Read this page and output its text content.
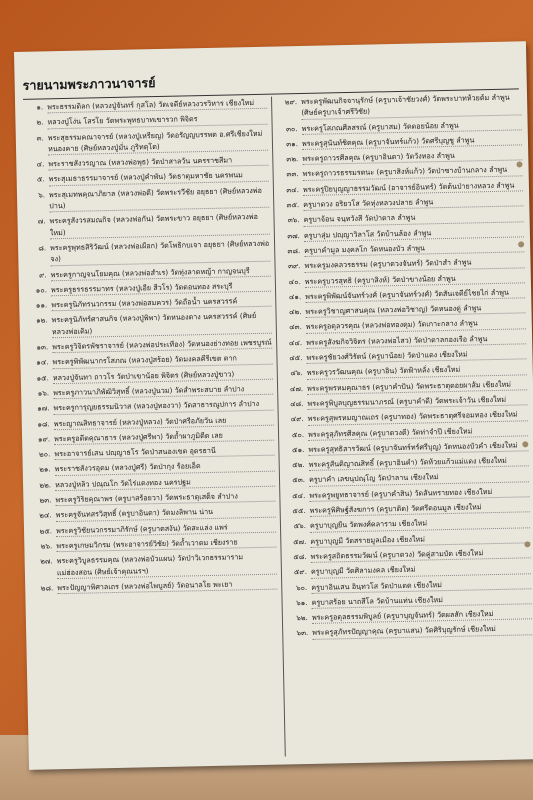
รายนามพระภาวนาจารย์
๑. พระธรรมดิลก (หลวงปู่จันทร์ กุสโล) วัดเจดีย์หลวงวรวิหาร เชียงใหม่
๒. หลวงปู่โง่น โสรโย วัดพระพุทธบาทเขารวก พิจิตร
๓. พระสุธรรมคณาจารย์ (หลวงปู่เหรียญ) วัดอรัญญบรรพต อ.ศรีเชียงใหม่ หนองคาย (ศิษย์หลวงปู่มั่น ภูริทตฺโต)
๔. พระราชสังวรญาณ (หลวงพ่อพุธ) วัดป่าสาลวัน นครราชสีมา
๕. พระสุเมธาธรรมาจารย์ (หลวงปู่คำพัน) วัดธาตุมหาชัย นครพนม
๖. พระสุเมทพคุณาภิยาล (หลวงพ่อดี) วัดพระรวีชัย อยุธยา (ศิษย์หลวงพ่อปาน)
๗. พระครูสังวรสมณกิจ (หลวงพ่อกัน) วัดพระขาว อยุธยา (ศิษย์หลวงพ่อใหม่)
๘. พระครูพุทธสิริวัฒน์ (หลวงพ่อเผือก) วัดโพธิกบเจา อยุธยา (ศิษย์หลวงพ่อจง)
๙. พระครูกาญจนโยมคุณ (หลวงพ่อสำเร) วัดทุ่งลาดหญ้า กาญจนบุรี
๑๐. พระครูธรรธรรมาทร (หลวงปู่เอีย สีวโร) วัดดอนทอง สระบุรี
๑๑. พระครูนิภัทรนวกรรม (หลวงพ่อสมควร) วัดถือน้ำ นครสวรรค์
๑๒. พระครูนิภัทร์ศาสนกิจ (หลวงปู่พิพา) วัดหนองตาง นครสวรรค์ (ศิษย์หลวงพ่อเดิม)
๑๓. พระครูวิจิตรพัชราจารย์ (หลวงพ่อประเทือง) วัดหนองย่างทอย เพชรบูรณ์
๑๔. พระครูพิพัฒนากรโสภณ (หลวงปู่สร้อย) วัดมงคลคีรีเขต ตาก
๑๕. หลวงปู่จันทา ถาวโร วัดป่าเขาน้อย พิจิตร (ศิษย์หลวงปู่ขาว)
๑๖. พระครูภาวนาภิพัฒิวิสุทธิ์ (หลวงปู่นวม) วัดสำพระสบาย ลำปาง
๑๗. พระครูการุญยธรรมนิวาส (หลวงปู่ทองวา) วัดสาธารณูปการ ลำปาง
๑๘. พระญาณสิทธาจารย์ (หลวงปู่หลวง) วัดป่าศรีอภัยวัน เลย
๑๙. พระครูอดีตคุณาธาร (หลวงปู่ศรีพา) วัดถ้ำผาภูมิตีต เลย
๒๐. พระอาจารย์เสน ปญฺญาธโร วัดป่าสนองเขต อุดรธานี
๒๑. พระราชสังวรอุดม (หลวงปู่ศรี) วัดป่ากุง ร้อยเอ็ด
๒๒. หลวงปู่หลิว ปณฺณโก วัดไร่แตงทอง นครปฐม
๒๓. พระครูวิริยคุณาพร (ครูบาสร้อยวา) วัดพระธาตุเสด็จ ลำปาง
๒๔. พระครูจันทสรวิสุทธิ์ (ครูบาอินตา) วัดมงลิพาน น่าน
๒๕. พระครูวิชัยนวกรรมาภิรักษ์ (ครูบาตสงัน) วัดสะแล่ง แพร่
๒๖. พระครูเกษมวิกรม (พระอาจารย์วิชัย) วัดถ้ำเวาดม เชียงราย
๒๗. พระครูวิบูลธรรมคุณ (หลวงพ่อบัวแผน) วัดป่าวิเวกธรรมาราม แม่ฮ่องสอน (ศิษย์เจ้าคุณนรฯ)
๒๘. พระปัญญาพิศาลเถร (หลวงพ่อไพบูลย์) วัดอนาลโย พะเยา
๒๙. พระครูพัฒนกิจจานุรักษ์ (ครูบาเจ้าชัยวงศ์) วัดพระบาทห้วยต้ม ลำพูน (ศิษย์ครูบาเจ้าศรีวิชัย)
๓๐. พระครูโสภณศีลสรณ์ (ครูบาสม) วัดดอยน้อย ลำพูน
๓๑. พระครูสุนันท์ชิตคุณ (ครูบาจันทร์แก้ว) วัดศรีบุญชู ลำพูน
๓๒. พระครูถาวรศีลคุณ (ครูบาอินตา) วัดวังทอง ลำพูน
๓๓. พระครูถาวรธรรมรตนะ (ครูบาสิงห์แก้ว) วัดป่าซางบ้านกลาง ลำพูน
๓๔. พระครูปิยบุญญาธรรมวัฒน์ (อาจารย์อินทร์) วัดต้นป่ายางหลวง ลำพูน
๓๕. ครูบาดวง อริยวโส วัดทุ่งหลวงปลาย ลำพูน
๓๖. ครูบาจ้อน จนฺทวังสี วัดป่าตาล ลำพูน
๓๗. ครูบาสุ่ม ปญฺญาวิลาโส วัดบ้านล้อง ลำพูน
๓๘. ครูบาคำมูล มงฺคลโก วัดหนองบัว ลำพูน
๓๙. พระครูมงคลวรธรรม (ครูบาดวงจันทร์) วัดป่าสำ ลำพูน
๔๐. พระครูบวรสุทธิ (ครูบาสิงห์) วัดป่าขางน้อย ลำพูน
๔๑. พระครูพิพัฒน์จันทร์วงศ์ (ครูบาจันทร์วงศ์) วัดสันเจดีย์ไชยไก่ ลำพูน
๔๒. พระครูวิชาญศาสนคุณ (หลวงพ่อวิชาญ) วัดหนองดู่ ลำพูน
๔๓. พระครูอดุลวรคุณ (หลวงพ่อทองดุม) วัดเกาะกลาง ลำพูน
๔๔. พระครูสังฆกิจวิจิตร (หลวงพ่อไสว) วัดป่าตาลกองเรือ ลำพูน
๔๕. พระครูชัยวงศ์วิรัตน์ (ครูบาน้อย) วัดป่าแดง เชียงใหม่
๔๖. พระครูวรวัฒนคุณ (ครูบาอิน) วัดฟ้าหลั่ง เชียงใหม่
๔๗. พระครูพรหมคุณาธร (ครูบาคำปัน) วัดพระธาตุดอยผาส้ม เชียงใหม่
๔๘. พระครูพิบูลบุญธรรมนาภรณ์ (ครูบาคำดี) วัดพระเจ้าวัน เชียงใหม่
๔๙. พระครูสุพรหมญาณเถร (ครูบาทอง) วัดพระธาตุศรีจอมทอง เชียงใหม่
๕๐. พระครูสุภัทรศีลคุณ (ครูบาดวงดี) วัดท่าจำปี เชียงใหม่
๕๑. พระครูสุทธิสารวัฒน์ (ครูบาจันทร์ทร์ศรีบุญ) วัดหนองบัวคำ เชียงใหม่
๕๒. พระครูสันติญาณสิทธิ์ (ครูบาอินคำ) วัดห้วยแก้วแม่แดง เชียงใหม่
๕๓. ครูบาคำ เลขนุปณฺโญ วัดป่าลาน เชียงใหม่
๕๔. พระครูพยูทธาจารย์ (ครูบาคำสิน) วัดสันทรายทอง เชียงใหม่
๕๕. พระครูพิศิษฐ์สังฆการ (ครูบาดิด) วัดศรีดอนมูล เชียงใหม่
๕๖. ครูบาบุญยืน วัดพงศ์คลาราม เชียงใหม่
๕๗. ครูบาบุญมี วัดสรายมูลเมือง เชียงใหม่
๕๘. พระครูสถิตธรรมวัฒน์ (ครูบาดวง) วัดคู่สามบัด เชียงใหม่
๕๙. ครูบาบุญมี วัดศิลามงคล เชียงใหม่
๖๐. ครูบาอินเสน อินฺทวโส วัดป่าแดด เชียงใหม่
๖๑. ครูบาสร้อย นาถสีโล วัดบ้านแท่น เชียงใหม่
๖๒. พระครูอดุลธรรมพิบูลย์ (ครูบาบุญจันทร์) วัดผลสัก เชียงใหม่
๖๓. พระครูสุภัทรปัญญาคุณ (ครูบาแสน) วัดศิริบุญรักษ์ เชียงใหม่
